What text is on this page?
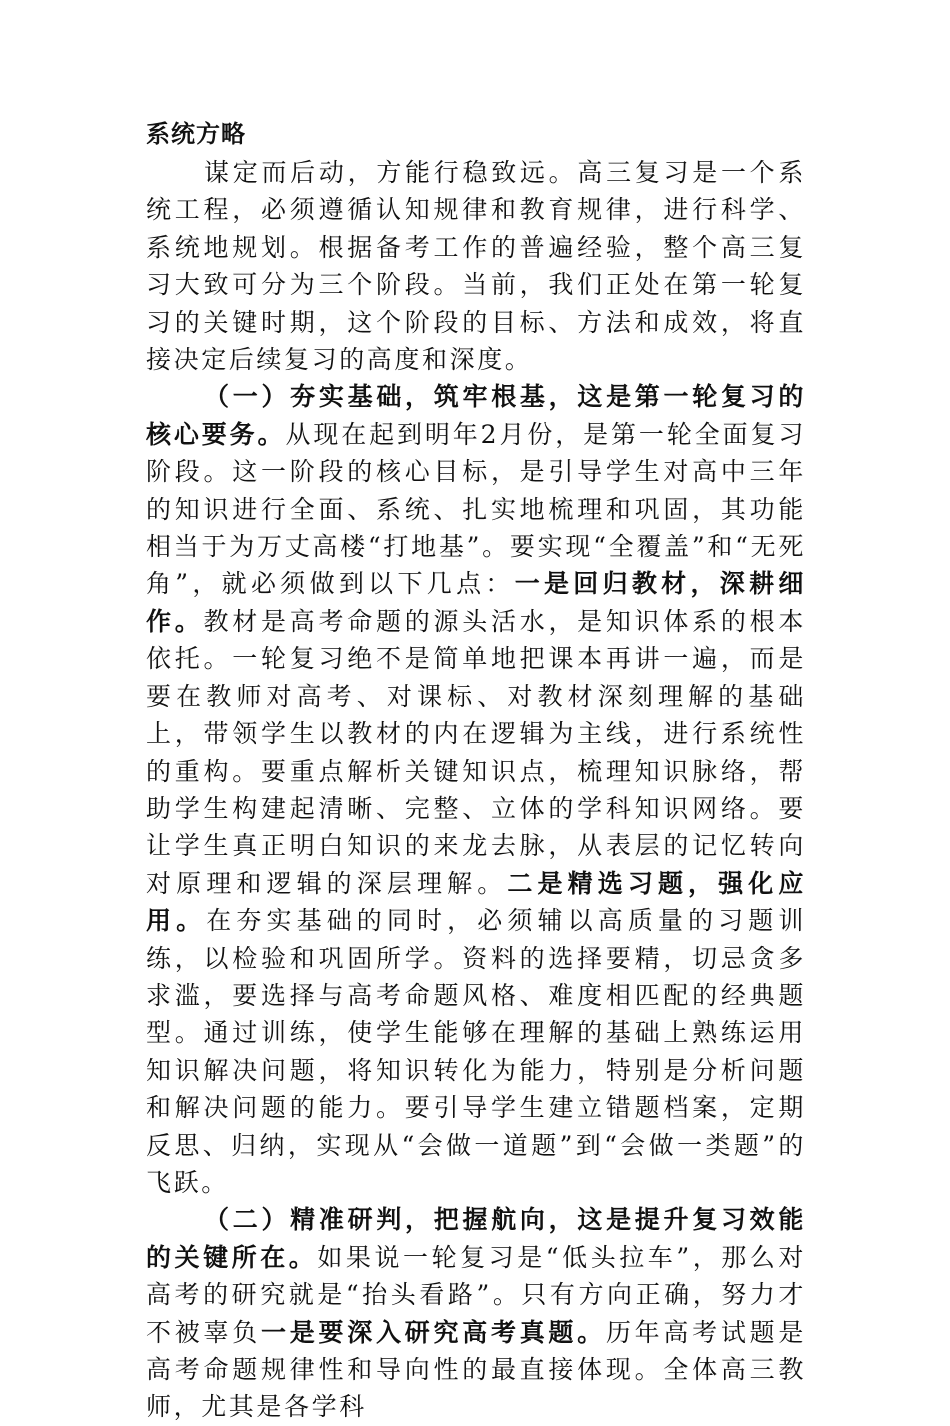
系统方略

谋定而后动，方能行稳致远。高三复习是一个系统工程，必须遵循认知规律和教育规律，进行科学、系统地规划。根据备考工作的普遍经验，整个高三复习大致可分为三个阶段。当前，我们正处在第一轮复习的关键时期，这个阶段的目标、方法和成效，将直接决定后续复习的高度和深度。

（一）夯实基础，筑牢根基，这是第一轮复习的核心要务。从现在起到明年2月份，是第一轮全面复习阶段。这一阶段的核心目标，是引导学生对高中三年的知识进行全面、系统、扎实地梳理和巩固，其功能相当于为万丈高楼“打地基”。要实现“全覆盖”和“无死角”，就必须做到以下几点：一是回归教材，深耕细作。教材是高考命题的源头活水，是知识体系的根本依托。一轮复习绝不是简单地把课本再讲一遍，而是要在教师对高考、对课标、对教材深刻理解的基础上，带领学生以教材的内在逻辑为主线，进行系统性的重构。要重点解析关键知识点，梳理知识脉络，帮助学生构建起清晰、完整、立体的学科知识网络。要让学生真正明白知识的来龙去脉，从表层的记忆转向对原理和逻辑的深层理解。二是精选习题，强化应用。在夯实基础的同时，必须辅以高质量的习题训练，以检验和巩固所学。资料的选择要精，切忌贪多求滥，要选择与高考命题风格、难度相匹配的经典题型。通过训练，使学生能够在理解的基础上熟练运用知识解决问题，将知识转化为能力，特别是分析问题和解决问题的能力。要引导学生建立错题档案，定期反思、归纳，实现从“会做一道题”到“会做一类题”的飞跃。

（二）精准研判，把握航向，这是提升复习效能的关键所在。如果说一轮复习是“低头拉车”，那么对高考的研究就是“抬头看路”。只有方向正确，努力才不被辜负一是要深入研究高考真题。历年高考试题是高考命题规律性和导向性的最直接体现。全体高三教师，尤其是各学科
